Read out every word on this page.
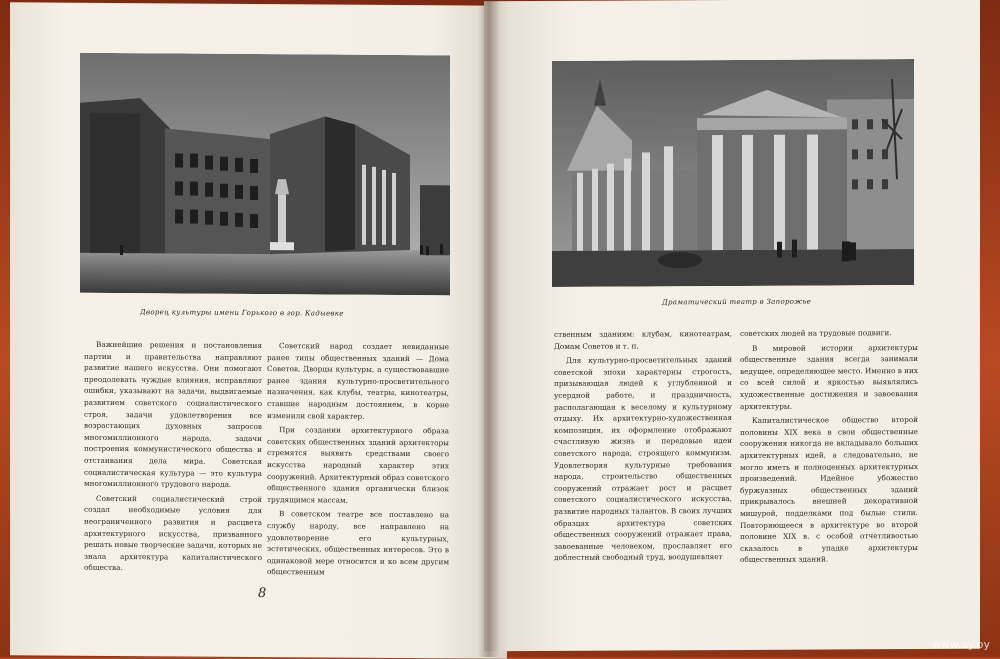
Дворец культуры имени Горького в гор. Кадыевке

Важнейшие решения и постановления партии и правительства направляют развитие нашего искусства. Они помогают преодолевать чуждые влияния, исправляют ошибки, указывают на задачи, выдвигаемые развитием советского социалистического строя, задачи удовлетворения все возрастающих духовных запросов многомиллионного народа, задачи построения коммунистического общества и отстаивания дела мира. Советская социалистическая культура — это культура многомиллионного трудового народа.

Советский социалистический строй создал необходимые условия для неограниченного развития и расцвета архитектурного искусства, призванного решать новые творческие задачи, которых не знала архитектура капиталистического общества.

Советский народ создает невиданные ранее типы общественных зданий — Дома Советов, Дворцы культуры, а существовавшие ранее здания культурно-просветительного назначения, как клубы, театры, кинотеатры, ставшие народным достоянием, в корне изменили свой характер.

При создании архитектурного образа советских общественных зданий архитекторы стремятся выявить средствами своего искусства народный характер этих сооружений. Архитектурный образ советского общественного здания органически близок трудящимся массам.

В советском театре все поставлено на службу народу, все направлено на удовлетворение его культурных, эстетических, общественных интересов. Это в одинаковой мере относится и ко всем другим общественным

8
Драматический театр в Запорожье

ственным зданиям: клубам, кинотеатрам, Домам Советов и т. п.

Для культурно-просветительных зданий советской эпохи характерны строгость, призывающая людей к углубленной и усердной работе, и праздничность, располагающая к веселому и культурному отдыху. Их архитектурно-художественная композиция, их оформление отображают счастливую жизнь и передовые идеи советского народа, строящего коммунизм. Удовлетворяя культурные требования народа, строительство общественных сооружений отражает рост и расцвет советского социалистического искусства, развитие народных талантов. В своих лучших образцах архитектура советских общественных сооружений отражает права, завоеванные человеком, прославляет его доблестный свободный труд, воодушевляет

советских людей на трудовые подвиги.

В мировой истории архитектуры общественные здания всегда занимали ведущее, определяющее место. Именно в них со всей силой и яркостью выявлялись художественные достижения и завоевания архитектуры.

Капиталистическое общество второй половины XIX века в свои общественные сооружения никогда не вкладывало больших архитектурных идей, а следовательно, не могло иметь и полноценных архитектурных произведений. Идейное убожество буржуазных общественных зданий прикрывалось внешней декоративной мишурой, подделками под былые стили. Повторяющееся в архитектуре во второй половине XIX в. с особой отчетливостью сказалось в упадке архитектуры общественных зданий.

www.ay.by
